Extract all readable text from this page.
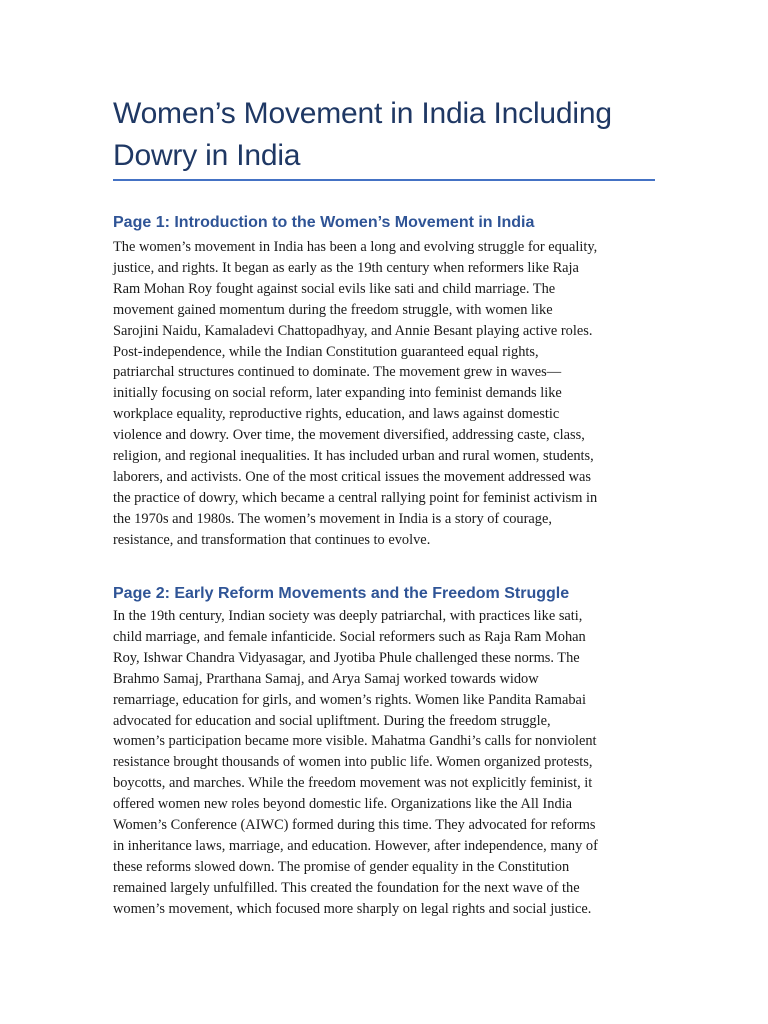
Women’s Movement in India Including Dowry in India
Page 1: Introduction to the Women’s Movement in India

The women’s movement in India has been a long and evolving struggle for equality,
justice, and rights. It began as early as the 19th century when reformers like Raja
Ram Mohan Roy fought against social evils like sati and child marriage. The
movement gained momentum during the freedom struggle, with women like
Sarojini Naidu, Kamaladevi Chattopadhyay, and Annie Besant playing active roles.
Post-independence, while the Indian Constitution guaranteed equal rights,
patriarchal structures continued to dominate. The movement grew in waves—
initially focusing on social reform, later expanding into feminist demands like
workplace equality, reproductive rights, education, and laws against domestic
violence and dowry. Over time, the movement diversified, addressing caste, class,
religion, and regional inequalities. It has included urban and rural women, students,
laborers, and activists. One of the most critical issues the movement addressed was
the practice of dowry, which became a central rallying point for feminist activism in
the 1970s and 1980s. The women’s movement in India is a story of courage,
resistance, and transformation that continues to evolve.

Page 2: Early Reform Movements and the Freedom Struggle

In the 19th century, Indian society was deeply patriarchal, with practices like sati,
child marriage, and female infanticide. Social reformers such as Raja Ram Mohan
Roy, Ishwar Chandra Vidyasagar, and Jyotiba Phule challenged these norms. The
Brahmo Samaj, Prarthana Samaj, and Arya Samaj worked towards widow
remarriage, education for girls, and women’s rights. Women like Pandita Ramabai
advocated for education and social upliftment. During the freedom struggle,
women’s participation became more visible. Mahatma Gandhi’s calls for nonviolent
resistance brought thousands of women into public life. Women organized protests,
boycotts, and marches. While the freedom movement was not explicitly feminist, it
offered women new roles beyond domestic life. Organizations like the All India
Women’s Conference (AIWC) formed during this time. They advocated for reforms
in inheritance laws, marriage, and education. However, after independence, many of
these reforms slowed down. The promise of gender equality in the Constitution
remained largely unfulfilled. This created the foundation for the next wave of the
women’s movement, which focused more sharply on legal rights and social justice.
